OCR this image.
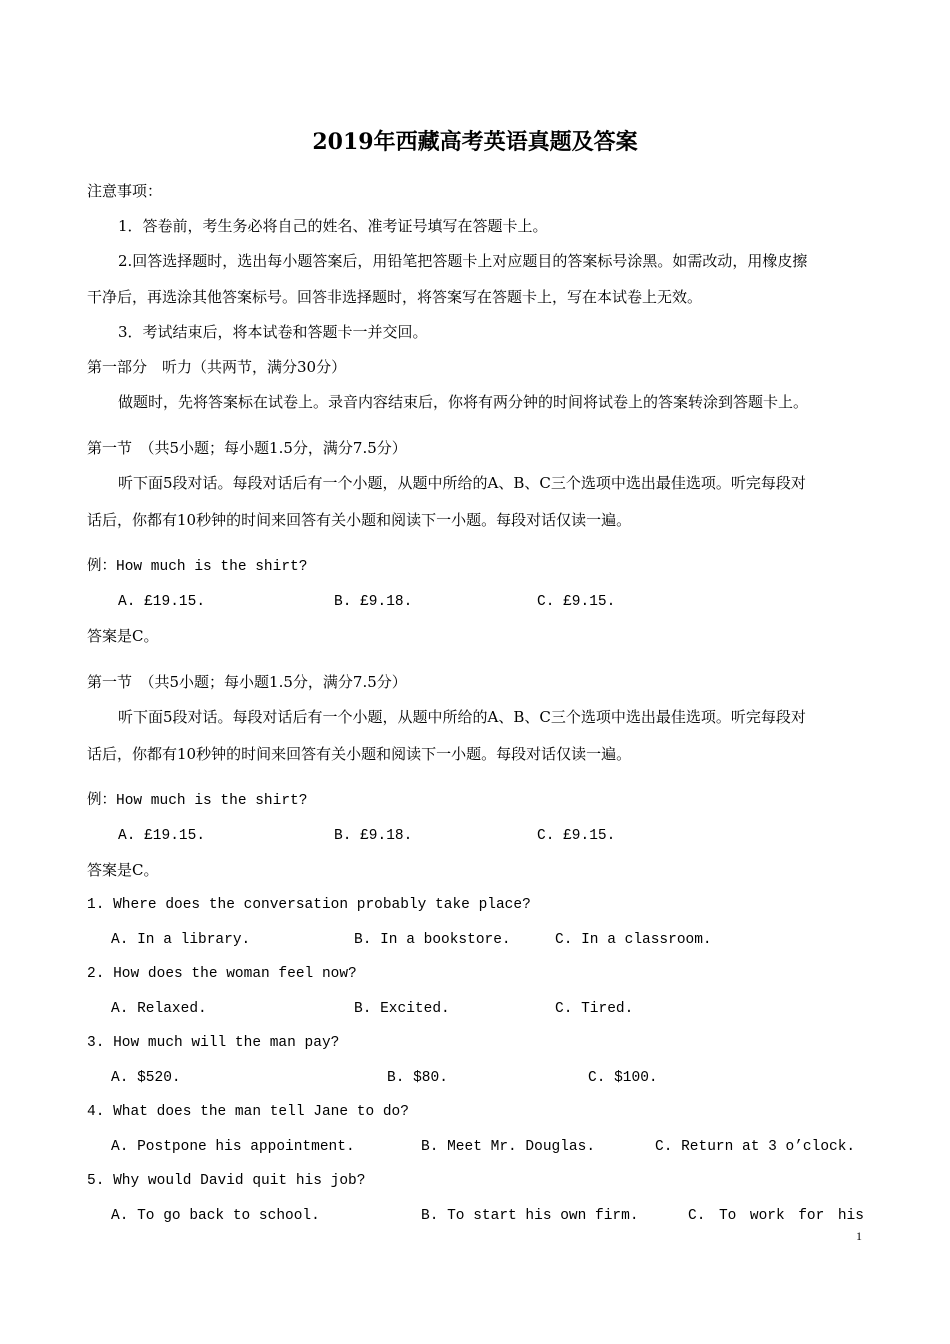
2019年西藏高考英语真题及答案
注意事项：
1．答卷前，考生务必将自己的姓名、准考证号填写在答题卡上。
2.回答选择题时，选出每小题答案后，用铅笔把答题卡上对应题目的答案标号涂黑。如需改动，用橡皮擦
干净后，再选涂其他答案标号。回答非选择题时，将答案写在答题卡上，写在本试卷上无效。
3．考试结束后，将本试卷和答题卡一并交回。
第一部分　听力（共两节，满分30分）
做题时，先将答案标在试卷上。录音内容结束后，你将有两分钟的时间将试卷上的答案转涂到答题卡上。
第一节　（共5小题；每小题1.5分，满分7.5分）
听下面5段对话。每段对话后有一个小题，从题中所给的A、B、C三个选项中选出最佳选项。听完每段对
话后，你都有10秒钟的时间来回答有关小题和阅读下一小题。每段对话仅读一遍。
例：How much is the shirt?
A. £19.15.	B. £9.18.	C. £9.15.
答案是C。
第一节　（共5小题；每小题1.5分，满分7.5分）
听下面5段对话。每段对话后有一个小题，从题中所给的A、B、C三个选项中选出最佳选项。听完每段对
话后，你都有10秒钟的时间来回答有关小题和阅读下一小题。每段对话仅读一遍。
例：How much is the shirt?
A. £19.15.	B. £9.18.	C. £9.15.
答案是C。
1. Where does the conversation probably take place?
A. In a library.	B. In a bookstore.	C. In a classroom.
2. How does the woman feel now?
A. Relaxed.	B. Excited.	C. Tired.
3. How much will the man pay?
A. $520.	B. $80.	C. $100.
4. What does the man tell Jane to do?
A. Postpone his appointment.	B. Meet Mr. Douglas.	C. Return at 3 o’clock.
5. Why would David quit his job?
A. To go back to school.	B. To start his own firm.	C. To work for his
1
